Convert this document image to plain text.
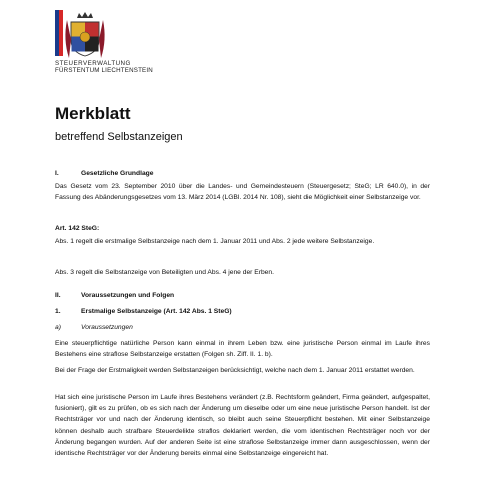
STEUERVERWALTUNG
FÜRSTENTUM LIECHTENSTEIN
Merkblatt
betreffend Selbstanzeigen
I.	Gesetzliche Grundlage
Das Gesetz vom 23. September 2010 über die Landes- und Gemeindesteuern (Steuergesetz; SteG; LR 640.0), in der Fassung des Abänderungsgesetzes vom 13. März 2014 (LGBl. 2014 Nr. 108), sieht die Möglichkeit einer Selbstanzeige vor.
Art. 142 SteG:
Abs. 1 regelt die erstmalige Selbstanzeige nach dem 1. Januar 2011 und Abs. 2 jede weitere Selbstanzeige.
Abs. 3 regelt die Selbstanzeige von Beteiligten und Abs. 4 jene der Erben.
II.	Voraussetzungen und Folgen
1.	Erstmalige Selbstanzeige (Art. 142 Abs. 1 SteG)
a)	Voraussetzungen
Eine steuerpflichtige natürliche Person kann einmal in ihrem Leben bzw. eine juristische Person einmal im Laufe ihres Bestehens eine straflose Selbstanzeige erstatten (Folgen sh. Ziff. II. 1. b).
Bei der Frage der Erstmaligkeit werden Selbstanzeigen berücksichtigt, welche nach dem 1. Januar 2011 erstattet werden.
Hat sich eine juristische Person im Laufe ihres Bestehens verändert (z.B. Rechtsform geändert, Firma geändert, aufgespaltet, fusioniert), gilt es zu prüfen, ob es sich nach der Änderung um dieselbe oder um eine neue juristische Person handelt. Ist der Rechtsträger vor und nach der Änderung identisch, so bleibt auch seine Steuerpflicht bestehen. Mit einer Selbstanzeige können deshalb auch strafbare Steuerdelikte straflos deklariert werden, die vom identischen Rechtsträger noch vor der Änderung begangen wurden. Auf der anderen Seite ist eine straflose Selbstanzeige immer dann ausgeschlossen, wenn der identische Rechtsträger vor der Änderung bereits einmal eine Selbstanzeige eingereicht hat.
